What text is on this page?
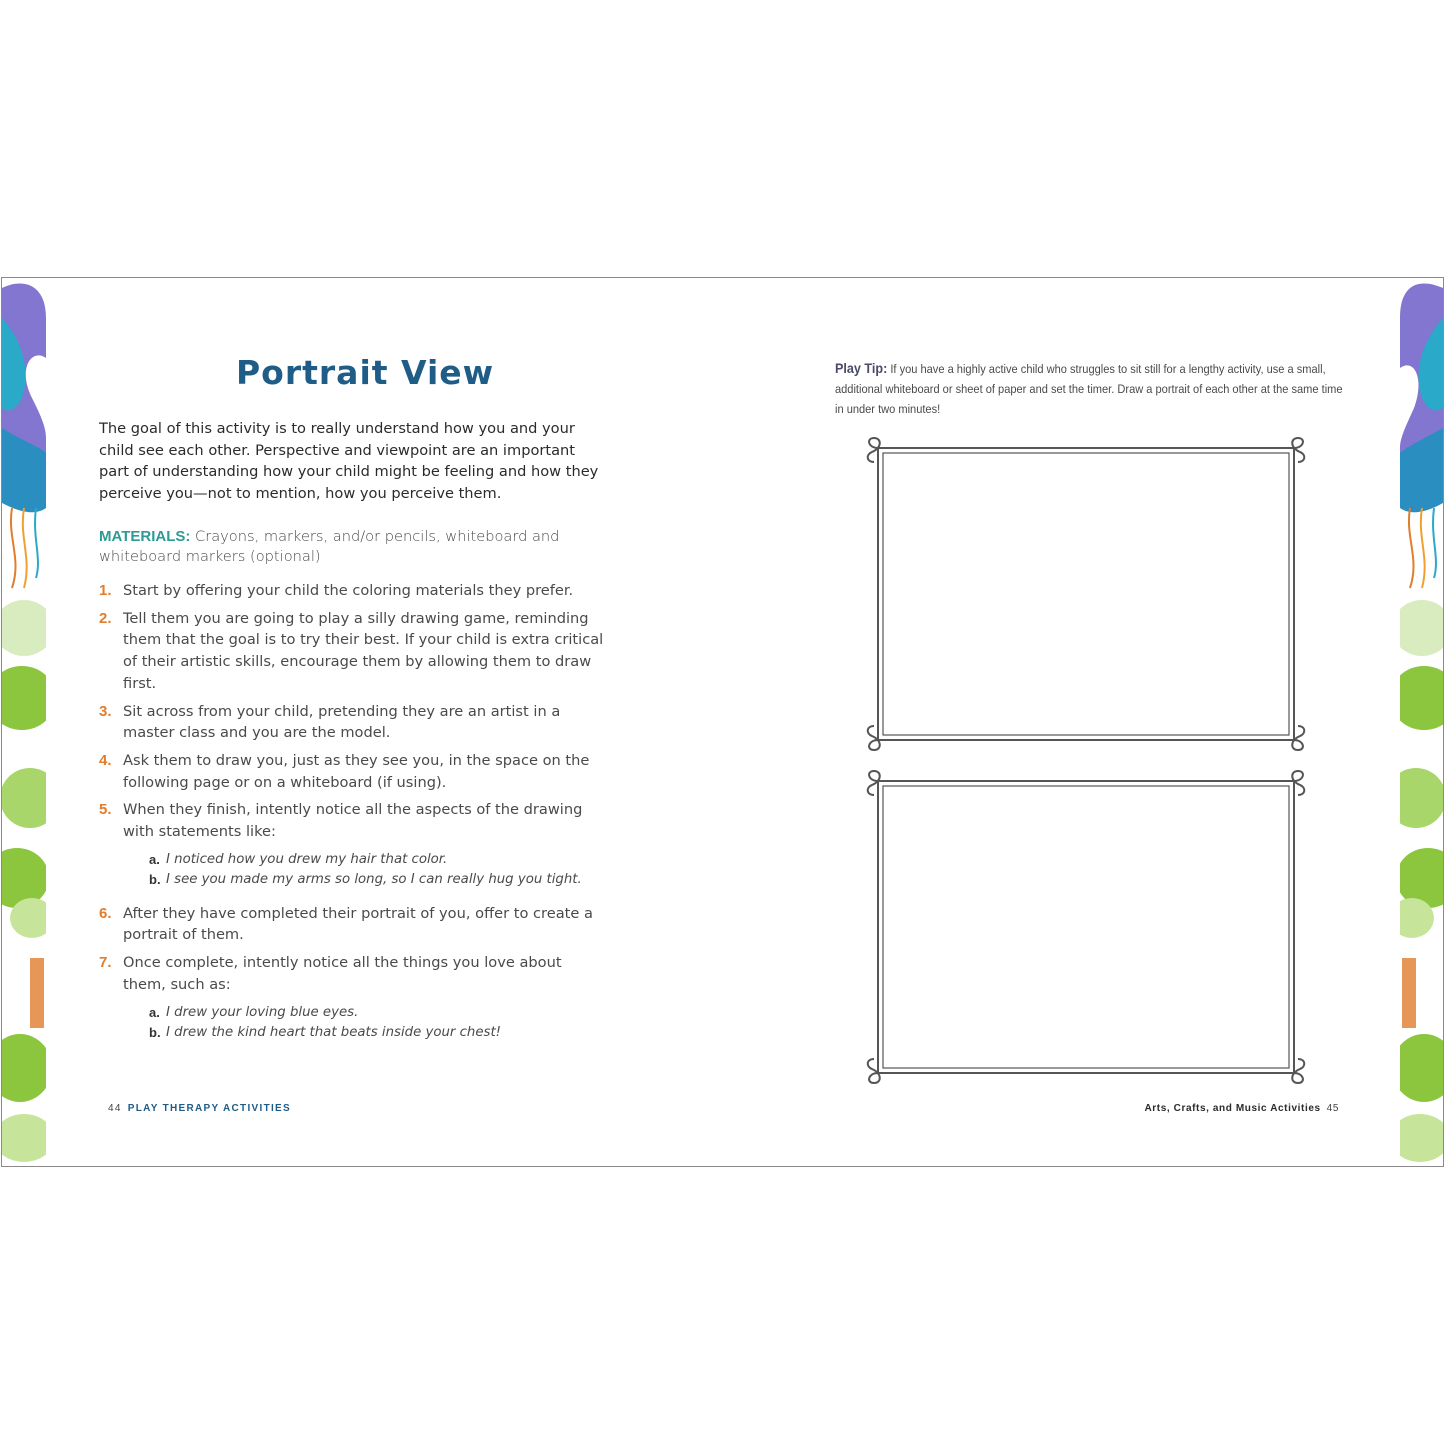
Portrait View

The goal of this activity is to really understand how you and your child see each other. Perspective and viewpoint are an important part of understanding how your child might be feeling and how they perceive you—not to mention, how you perceive them.

MATERIALS: Crayons, markers, and/or pencils, whiteboard and whiteboard markers (optional)

1. Start by offering your child the coloring materials they prefer.
2. Tell them you are going to play a silly drawing game, reminding them that the goal is to try their best. If your child is extra critical of their artistic skills, encourage them by allowing them to draw first.
3. Sit across from your child, pretending they are an artist in a master class and you are the model.
4. Ask them to draw you, just as they see you, in the space on the following page or on a whiteboard (if using).
5. When they finish, intently notice all the aspects of the drawing with statements like:
a. I noticed how you drew my hair that color.
b. I see you made my arms so long, so I can really hug you tight.
6. After they have completed their portrait of you, offer to create a portrait of them.
7. Once complete, intently notice all the things you love about them, such as:
a. I drew your loving blue eyes.
b. I drew the kind heart that beats inside your chest!
44 PLAY THERAPY ACTIVITIES

Play Tip: If you have a highly active child who struggles to sit still for a lengthy activity, use a small, additional whiteboard or sheet of paper and set the timer. Draw a portrait of each other at the same time in under two minutes!

Arts, Crafts, and Music Activities 45
